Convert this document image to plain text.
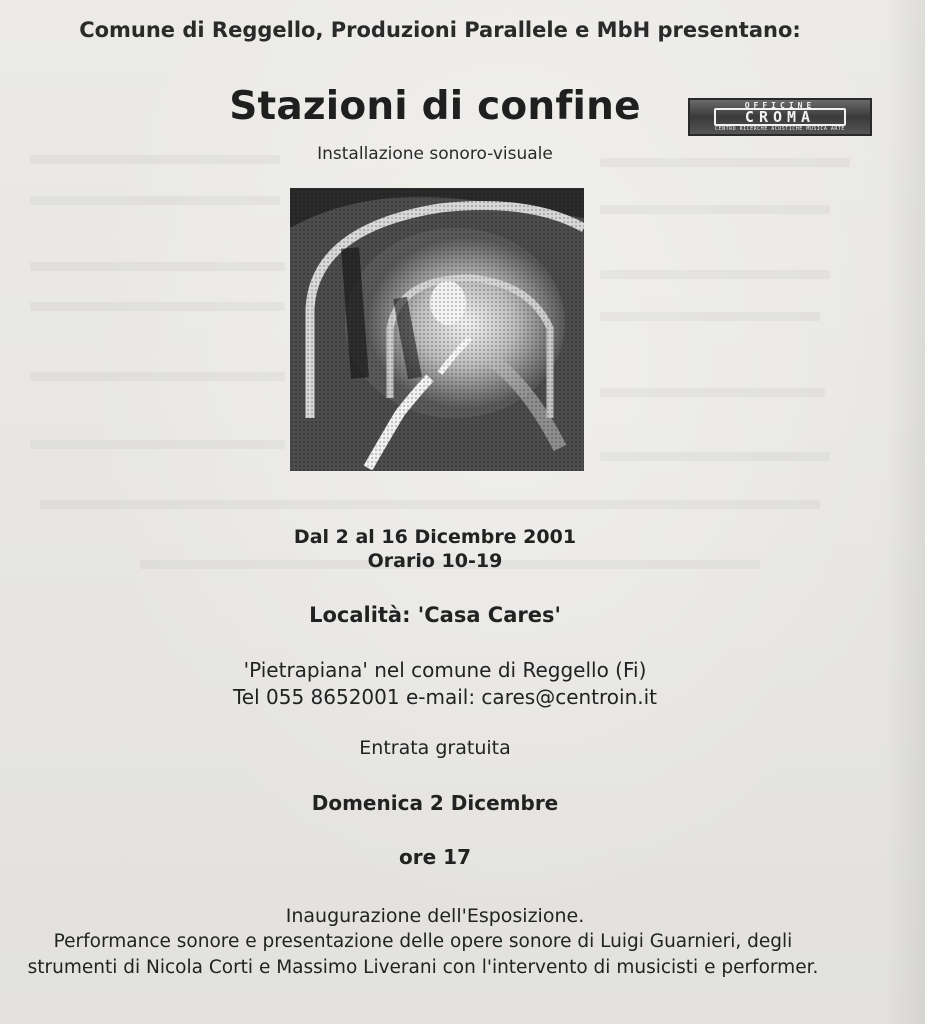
Comune di Reggello, Produzioni Parallele e MbH presentano:

Stazioni di confine

Installazione sonoro-visuale

OFFICINE
CROMA
CENTRO RICERCHE ACUSTICHE MUSICA ARTE
Dal 2 al 16 Dicembre 2001
Orario 10-19

Località: 'Casa Cares'

'Pietrapiana' nel comune di Reggello (Fi)
Tel 055 8652001 e-mail: cares@centroin.it

Entrata gratuita

Domenica 2 Dicembre

ore 17

Inaugurazione dell'Esposizione.

Performance sonore e presentazione delle opere sonore di Luigi Guarnieri, degli
strumenti di Nicola Corti e Massimo Liverani con l'intervento di musicisti e performer.
